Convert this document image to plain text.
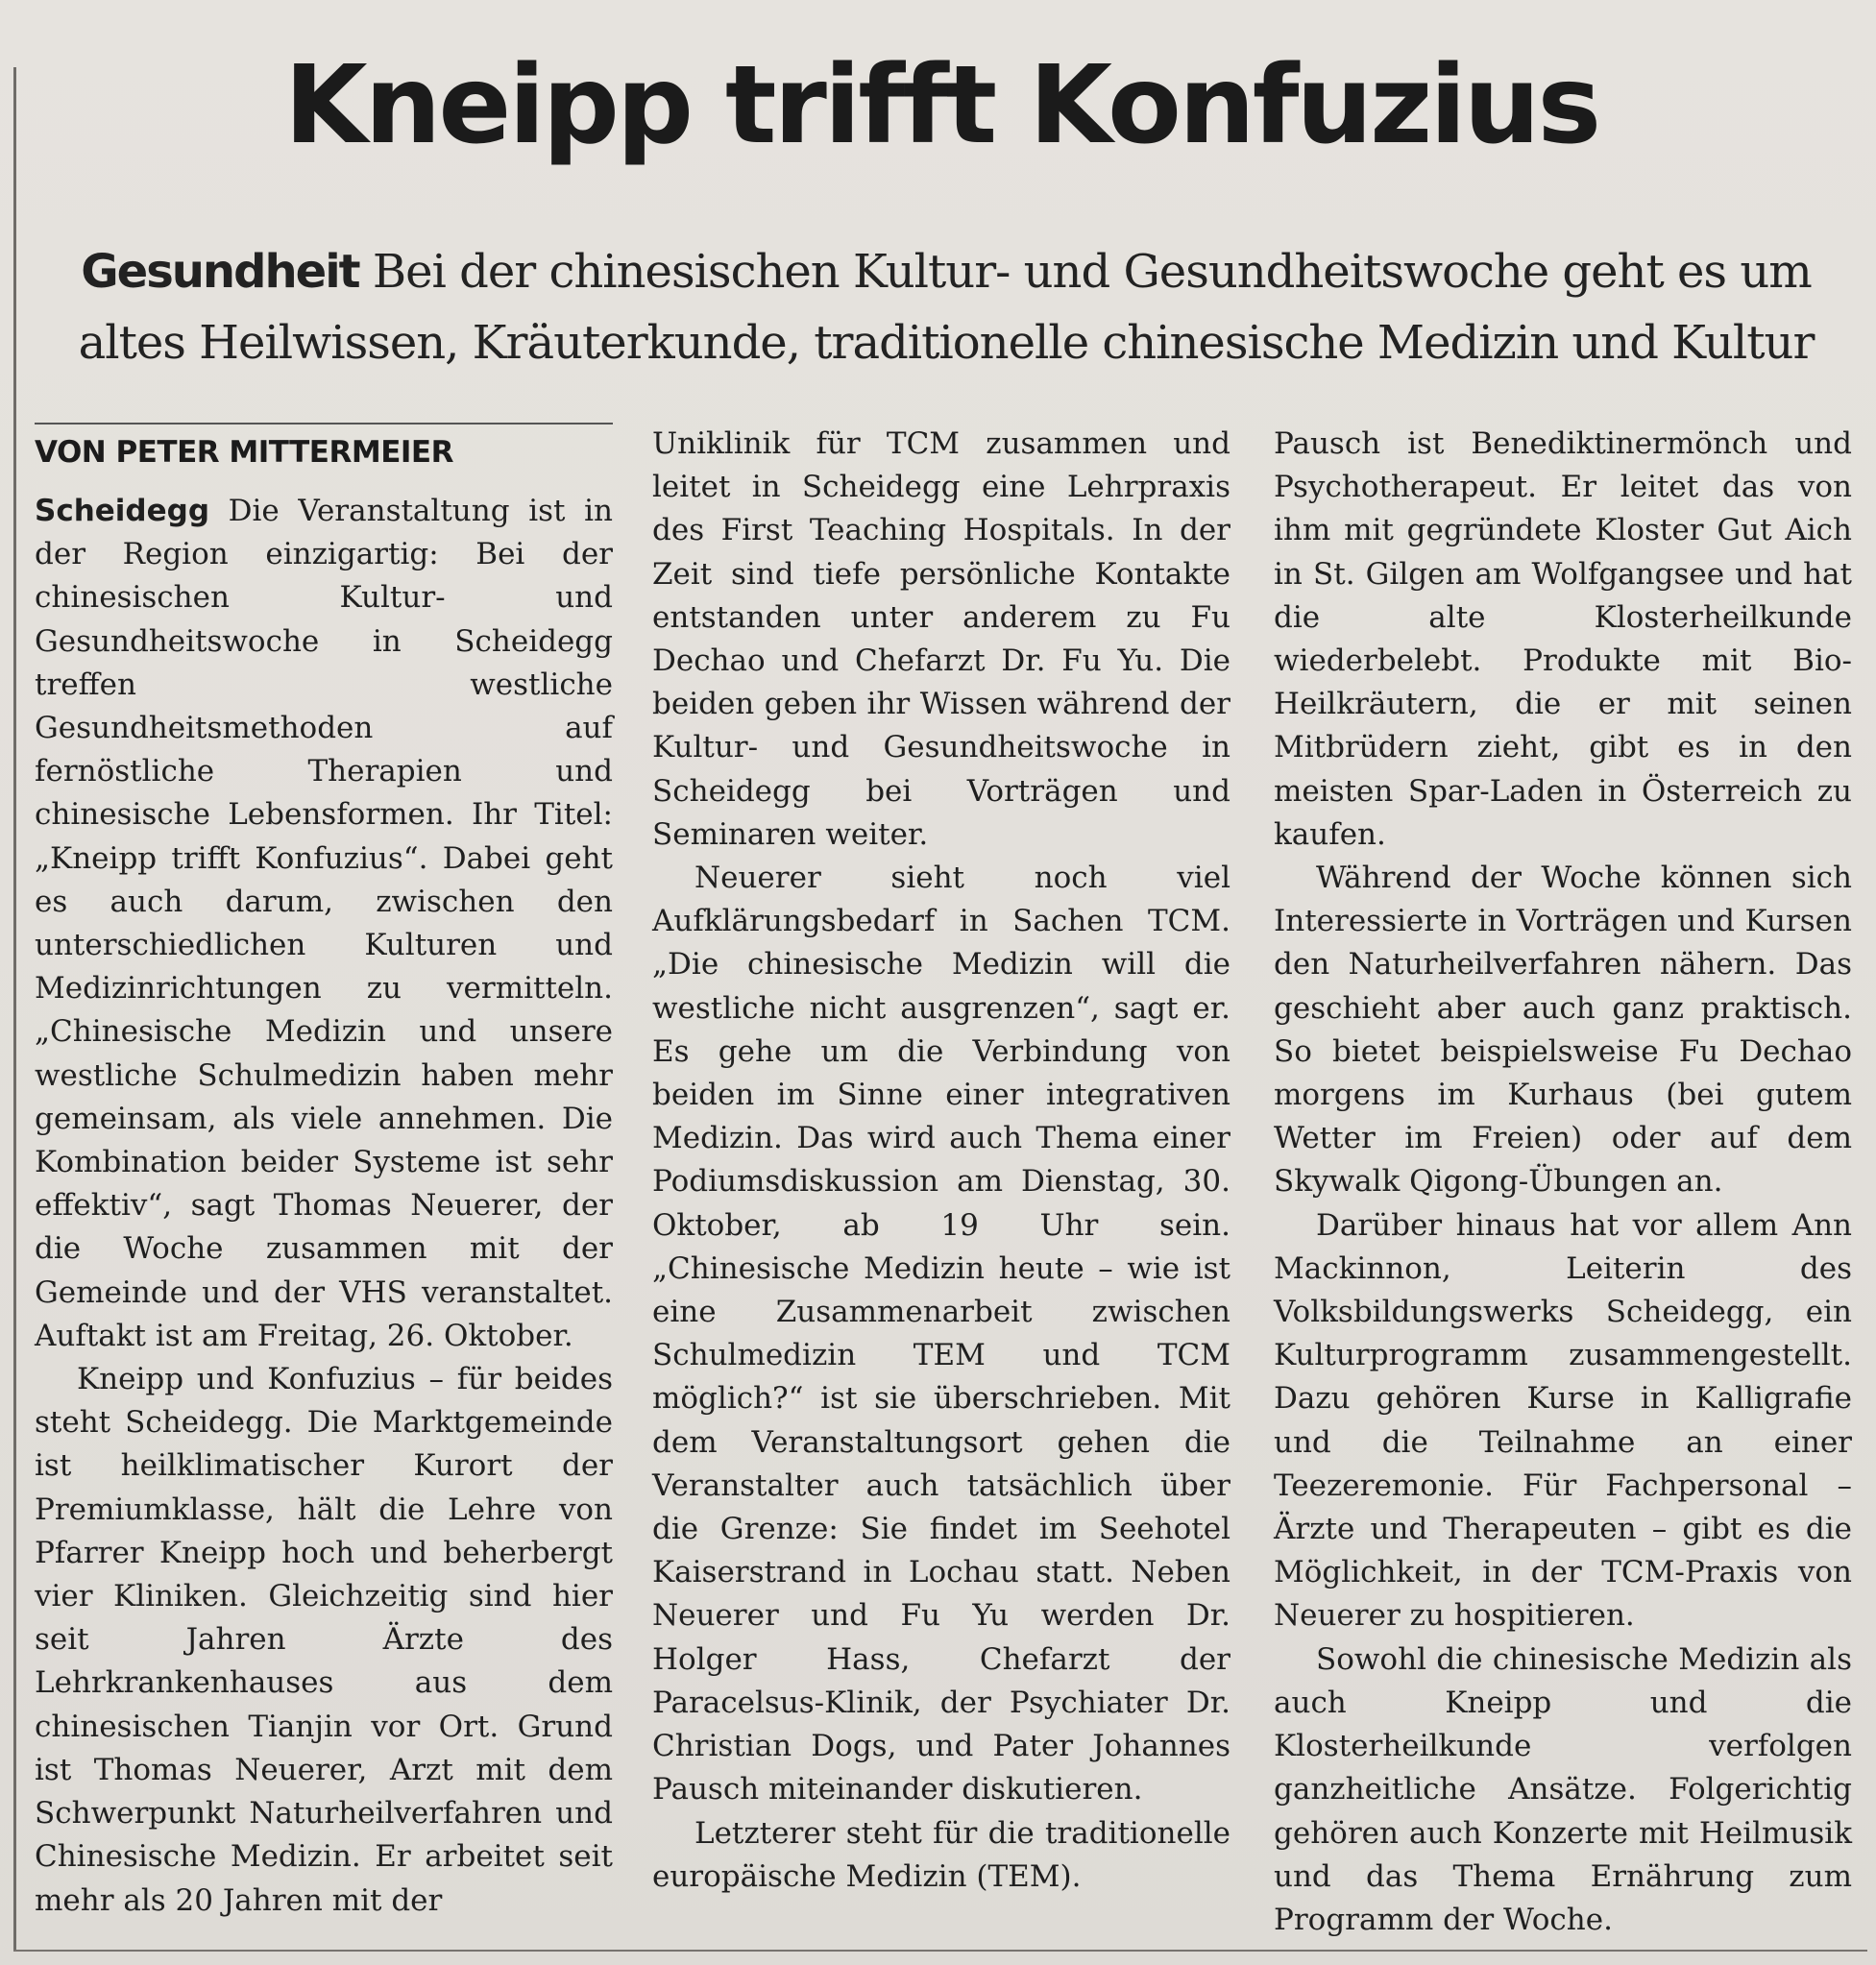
Kneipp trifft Konfuzius

Gesundheit Bei der chinesischen Kultur- und Gesundheitswoche geht es um altes Heilwissen, Kräuterkunde, traditionelle chinesische Medizin und Kultur

VON PETER MITTERMEIER

Scheidegg Die Veranstaltung ist in der Region einzigartig: Bei der chinesischen Kultur- und Gesundheitswoche in Scheidegg treffen westliche Gesundheitsmethoden auf fernöstliche Therapien und chinesische Lebensformen. Ihr Titel: „Kneipp trifft Konfuzius“. Dabei geht es auch darum, zwischen den unterschiedlichen Kulturen und Medizinrichtungen zu vermitteln. „Chinesische Medizin und unsere westliche Schulmedizin haben mehr gemeinsam, als viele annehmen. Die Kombination beider Systeme ist sehr effektiv“, sagt Thomas Neuerer, der die Woche zusammen mit der Gemeinde und der VHS veranstaltet. Auftakt ist am Freitag, 26. Oktober.

Kneipp und Konfuzius – für beides steht Scheidegg. Die Marktgemeinde ist heilklimatischer Kurort der Premiumklasse, hält die Lehre von Pfarrer Kneipp hoch und beherbergt vier Kliniken. Gleichzeitig sind hier seit Jahren Ärzte des Lehrkrankenhauses aus dem chinesischen Tianjin vor Ort. Grund ist Thomas Neuerer, Arzt mit dem Schwerpunkt Naturheilverfahren und Chinesische Medizin. Er arbeitet seit mehr als 20 Jahren mit der

Uniklinik für TCM zusammen und leitet in Scheidegg eine Lehrpraxis des First Teaching Hospitals. In der Zeit sind tiefe persönliche Kontakte entstanden unter anderem zu Fu Dechao und Chefarzt Dr. Fu Yu. Die beiden geben ihr Wissen während der Kultur- und Gesundheitswoche in Scheidegg bei Vorträgen und Seminaren weiter.

Neuerer sieht noch viel Aufklärungsbedarf in Sachen TCM. „Die chinesische Medizin will die westliche nicht ausgrenzen“, sagt er. Es gehe um die Verbindung von beiden im Sinne einer integrativen Medizin. Das wird auch Thema einer Podiumsdiskussion am Dienstag, 30. Oktober, ab 19 Uhr sein. „Chinesische Medizin heute – wie ist eine Zusammenarbeit zwischen Schulmedizin TEM und TCM möglich?“ ist sie überschrieben. Mit dem Veranstaltungsort gehen die Veranstalter auch tatsächlich über die Grenze: Sie findet im Seehotel Kaiserstrand in Lochau statt. Neben Neuerer und Fu Yu werden Dr. Holger Hass, Chefarzt der Paracelsus-Klinik, der Psychiater Dr. Christian Dogs, und Pater Johannes Pausch miteinander diskutieren.

Letzterer steht für die traditionelle europäische Medizin (TEM).

Pausch ist Benediktinermönch und Psychotherapeut. Er leitet das von ihm mit gegründete Kloster Gut Aich in St. Gilgen am Wolfgangsee und hat die alte Klosterheilkunde wiederbelebt. Produkte mit Bio-Heilkräutern, die er mit seinen Mitbrüdern zieht, gibt es in den meisten Spar-Laden in Österreich zu kaufen.

Während der Woche können sich Interessierte in Vorträgen und Kursen den Naturheilverfahren nähern. Das geschieht aber auch ganz praktisch. So bietet beispielsweise Fu Dechao morgens im Kurhaus (bei gutem Wetter im Freien) oder auf dem Skywalk Qigong-Übungen an.

Darüber hinaus hat vor allem Ann Mackinnon, Leiterin des Volksbildungswerks Scheidegg, ein Kulturprogramm zusammengestellt. Dazu gehören Kurse in Kalligrafie und die Teilnahme an einer Teezeremonie. Für Fachpersonal – Ärzte und Therapeuten – gibt es die Möglichkeit, in der TCM-Praxis von Neuerer zu hospitieren.

Sowohl die chinesische Medizin als auch Kneipp und die Klosterheilkunde verfolgen ganzheitliche Ansätze. Folgerichtig gehören auch Konzerte mit Heilmusik und das Thema Ernährung zum Programm der Woche.
